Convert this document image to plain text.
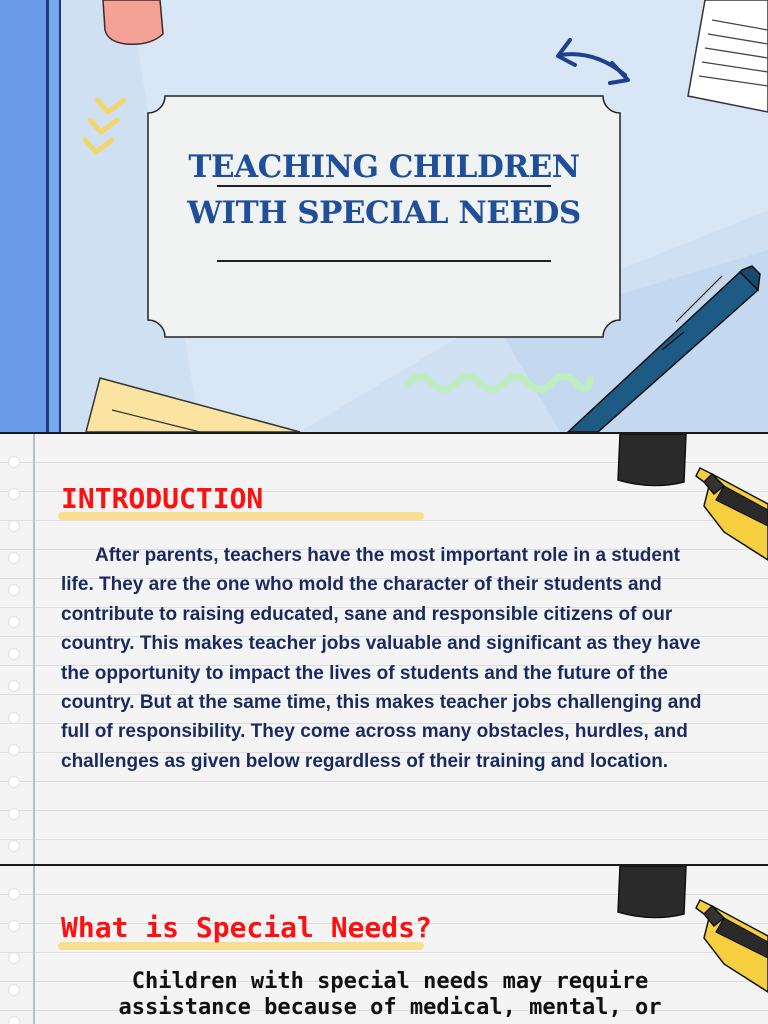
TEACHING CHILDREN
WITH SPECIAL NEEDS
INTRODUCTION
After parents, teachers have the most important role in a student life. They are the one who mold the character of their students and contribute to raising educated, sane and responsible citizens of our country. This makes teacher jobs valuable and significant as they have the opportunity to impact the lives of students and the future of the country. But at the same time, this makes teacher jobs challenging and full of responsibility. They come across many obstacles, hurdles, and challenges as given below regardless of their training and location.
What is Special Needs?
Children with special needs may require
assistance because of medical, mental, or
